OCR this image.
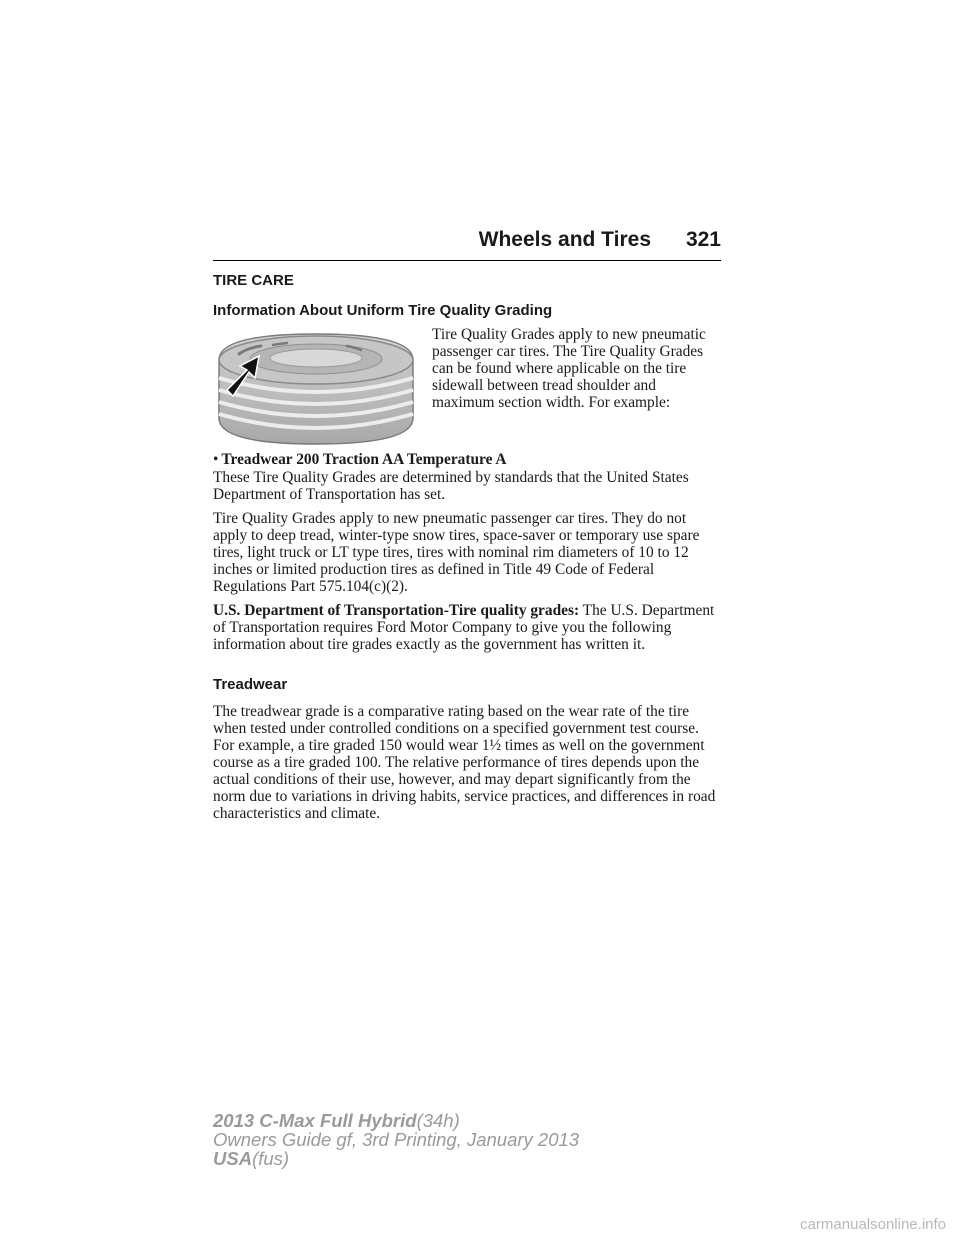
Wheels and Tires 321
TIRE CARE
Information About Uniform Tire Quality Grading

Tire Quality Grades apply to new pneumatic passenger car tires. The Tire Quality Grades can be found where applicable on the tire sidewall between tread shoulder and maximum section width. For example:

• Treadwear 200 Traction AA Temperature A

These Tire Quality Grades are determined by standards that the United States Department of Transportation has set.

Tire Quality Grades apply to new pneumatic passenger car tires. They do not apply to deep tread, winter-type snow tires, space-saver or temporary use spare tires, light truck or LT type tires, tires with nominal rim diameters of 10 to 12 inches or limited production tires as defined in Title 49 Code of Federal Regulations Part 575.104(c)(2).

U.S. Department of Transportation-Tire quality grades: The U.S. Department of Transportation requires Ford Motor Company to give you the following information about tire grades exactly as the government has written it.

Treadwear

The treadwear grade is a comparative rating based on the wear rate of the tire when tested under controlled conditions on a specified government test course. For example, a tire graded 150 would wear 1½ times as well on the government course as a tire graded 100. The relative performance of tires depends upon the actual conditions of their use, however, and may depart significantly from the norm due to variations in driving habits, service practices, and differences in road characteristics and climate.

2013 C-Max Full Hybrid(34h)
Owners Guide gf, 3rd Printing, January 2013
USA(fus)
carmanualsonline.info
